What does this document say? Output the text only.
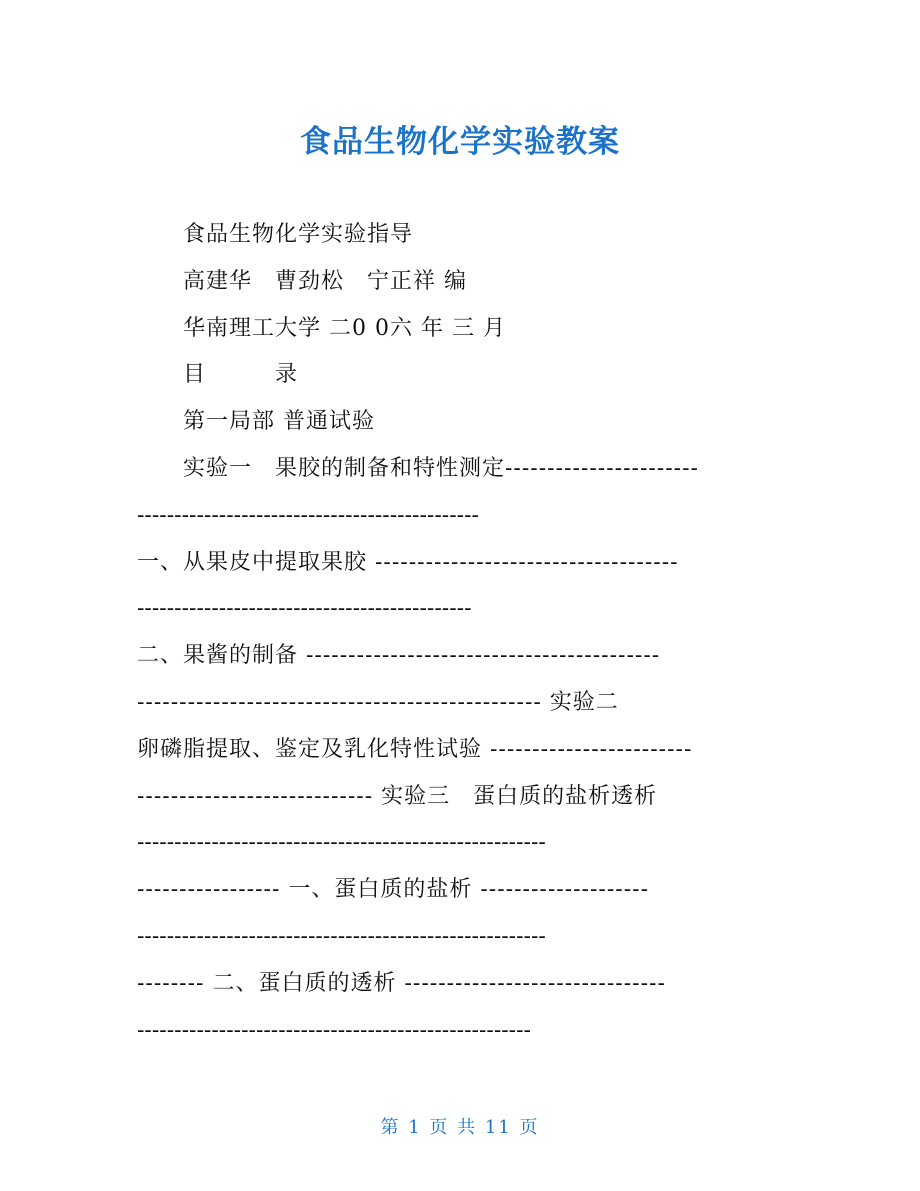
食品生物化学实验教案
食品生物化学实验指导
高建华　曹劲松　宁正祥 编
华南理工大学 二0 0六 年 三 月
目　　　录
第一局部 普通试验
实验一　果胶的制备和特性测定-----------------------
----------------------------------------------
一、从果皮中提取果胶 ------------------------------------
---------------------------------------------
二、果酱的制备 ------------------------------------------
------------------------------------------------ 实验二
卵磷脂提取、鉴定及乳化特性试验 ------------------------
---------------------------- 实验三　蛋白质的盐析透析
-------------------------------------------------------
----------------- 一、蛋白质的盐析 --------------------
-------------------------------------------------------
-------- 二、蛋白质的透析 -------------------------------
-----------------------------------------------------
第 1 页 共 11 页
